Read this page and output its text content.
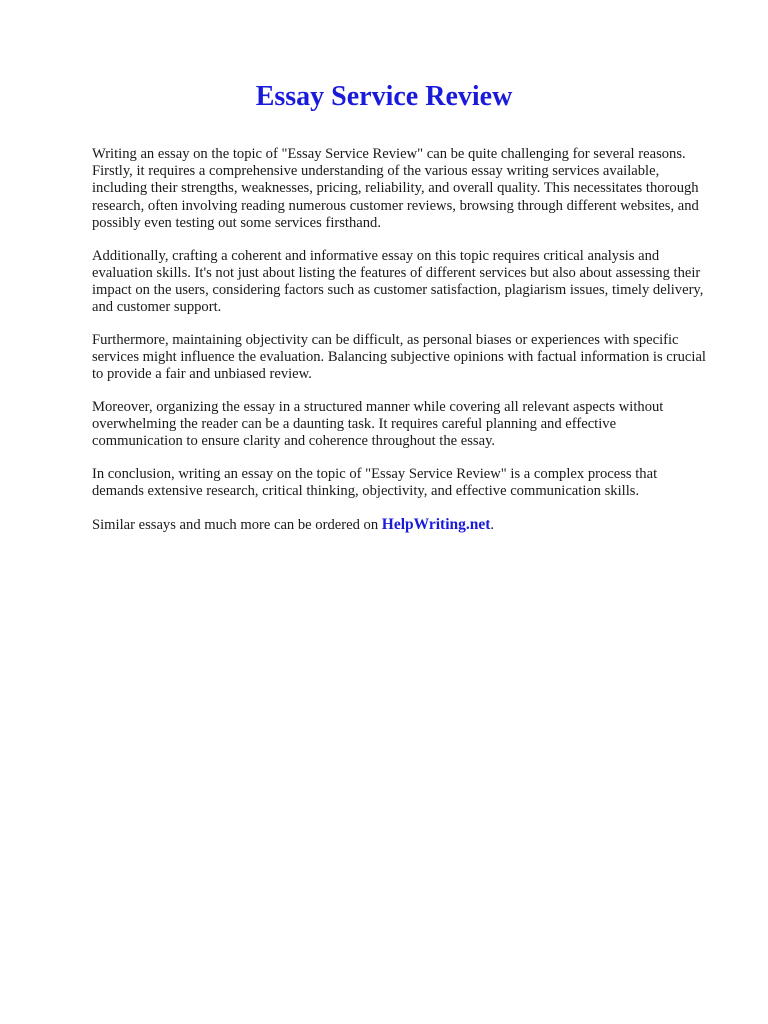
Essay Service Review

Writing an essay on the topic of "Essay Service Review" can be quite challenging for several reasons. Firstly, it requires a comprehensive understanding of the various essay writing services available, including their strengths, weaknesses, pricing, reliability, and overall quality. This necessitates thorough research, often involving reading numerous customer reviews, browsing through different websites, and possibly even testing out some services firsthand.

Additionally, crafting a coherent and informative essay on this topic requires critical analysis and evaluation skills. It's not just about listing the features of different services but also about assessing their impact on the users, considering factors such as customer satisfaction, plagiarism issues, timely delivery, and customer support.

Furthermore, maintaining objectivity can be difficult, as personal biases or experiences with specific services might influence the evaluation. Balancing subjective opinions with factual information is crucial to provide a fair and unbiased review.

Moreover, organizing the essay in a structured manner while covering all relevant aspects without overwhelming the reader can be a daunting task. It requires careful planning and effective communication to ensure clarity and coherence throughout the essay.

In conclusion, writing an essay on the topic of "Essay Service Review" is a complex process that demands extensive research, critical thinking, objectivity, and effective communication skills.

Similar essays and much more can be ordered on HelpWriting.net.
